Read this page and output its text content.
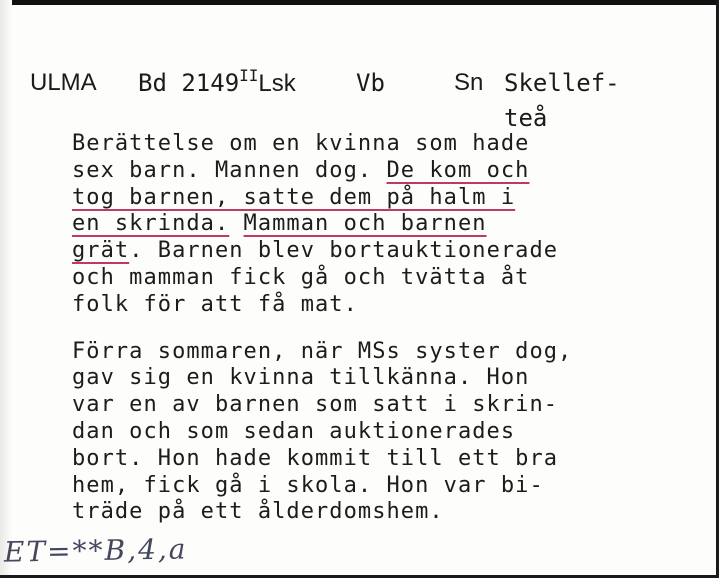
ULMA Bd $2149^{II}Lsk$	Vb	Sn Skellef-
teå
Berättelse om en kvinna som hade
sex barn. Mannen dog. De kom och
tog barnen, satte dem på halm i
en skrinda. Mamman och barnen
grät. Barnen blev bortauktionerade
och mamman fick gå och tvätta åt
folk för att få mat.
Förra sommaren, när MSs syster dog,
gav sig en kvinna tillkänna. Hon
var en av barnen som satt i skrin-
dan och som sedan auktionerades
bort. Hon hade kommit till ett bra
hem, fick gå i skola. Hon var bi-
träde på ett ålderdomshem.
ET=**B,4,a
